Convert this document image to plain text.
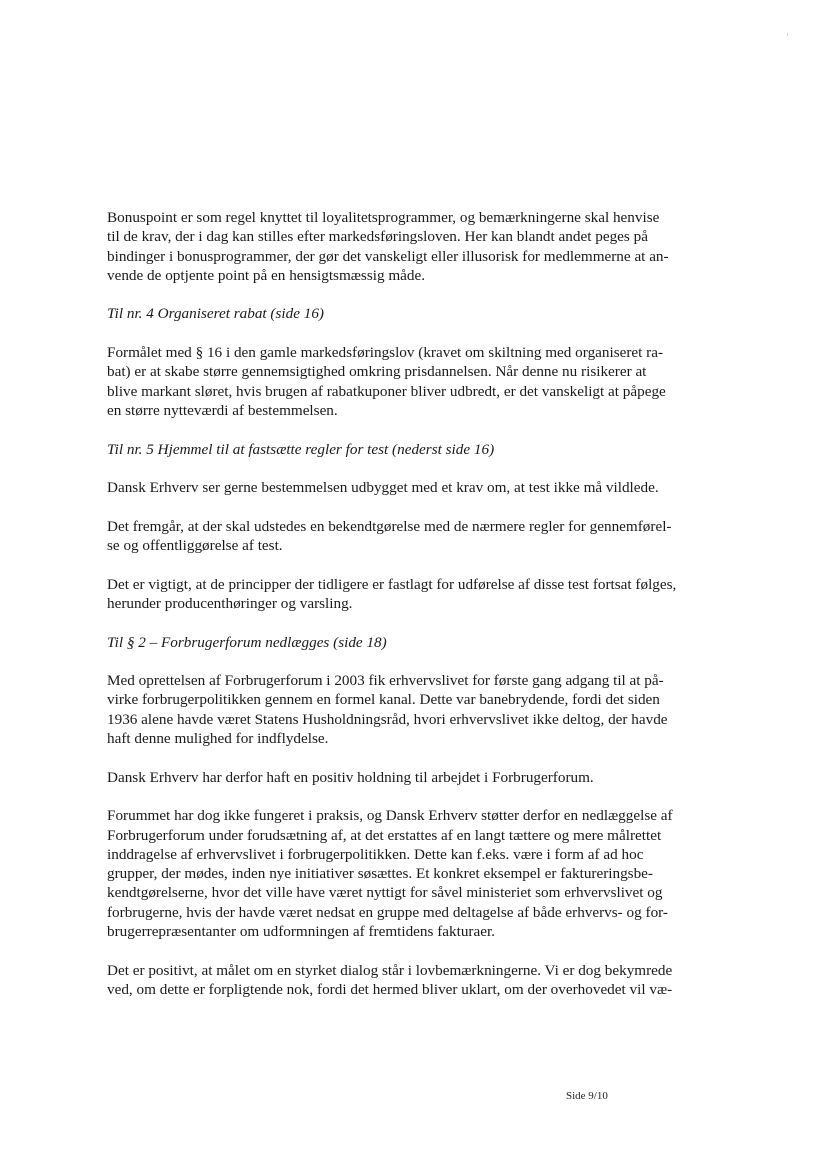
Bonuspoint er som regel knyttet til loyalitetsprogrammer, og bemærkningerne skal henvise
til de krav, der i dag kan stilles efter markedsføringsloven. Her kan blandt andet peges på
bindinger i bonusprogrammer, der gør det vanskeligt eller illusorisk for medlemmerne at an-
vende de optjente point på en hensigtsmæssig måde.

Til nr. 4 Organiseret rabat (side 16)

Formålet med § 16 i den gamle markedsføringslov (kravet om skiltning med organiseret ra-
bat) er at skabe større gennemsigtighed omkring prisdannelsen. Når denne nu risikerer at
blive markant sløret, hvis brugen af rabatkuponer bliver udbredt, er det vanskeligt at påpege
en større nytteværdi af bestemmelsen.

Til nr. 5 Hjemmel til at fastsætte regler for test (nederst side 16)

Dansk Erhverv ser gerne bestemmelsen udbygget med et krav om, at test ikke må vildlede.

Det fremgår, at der skal udstedes en bekendtgørelse med de nærmere regler for gennemførel-
se og offentliggørelse af test.

Det er vigtigt, at de principper der tidligere er fastlagt for udførelse af disse test fortsat følges,
herunder producenthøringer og varsling.

Til § 2 – Forbrugerforum nedlægges (side 18)

Med oprettelsen af Forbrugerforum i 2003 fik erhvervslivet for første gang adgang til at på-
virke forbrugerpolitikken gennem en formel kanal. Dette var banebrydende, fordi det siden
1936 alene havde været Statens Husholdningsråd, hvori erhvervslivet ikke deltog, der havde
haft denne mulighed for indflydelse.

Dansk Erhverv har derfor haft en positiv holdning til arbejdet i Forbrugerforum.

Forummet har dog ikke fungeret i praksis, og Dansk Erhverv støtter derfor en nedlæggelse af
Forbrugerforum under forudsætning af, at det erstattes af en langt tættere og mere målrettet
inddragelse af erhvervslivet i forbrugerpolitikken. Dette kan f.eks. være i form af ad hoc
grupper, der mødes, inden nye initiativer søsættes. Et konkret eksempel er faktureringsbe-
kendtgørelserne, hvor det ville have været nyttigt for såvel ministeriet som erhvervslivet og
forbrugerne, hvis der havde været nedsat en gruppe med deltagelse af både erhvervs- og for-
brugerrepræsentanter om udformningen af fremtidens fakturaer.

Det er positivt, at målet om en styrket dialog står i lovbemærkningerne. Vi er dog bekymrede
ved, om dette er forpligtende nok, fordi det hermed bliver uklart, om der overhovedet vil væ-

Side 9/10
